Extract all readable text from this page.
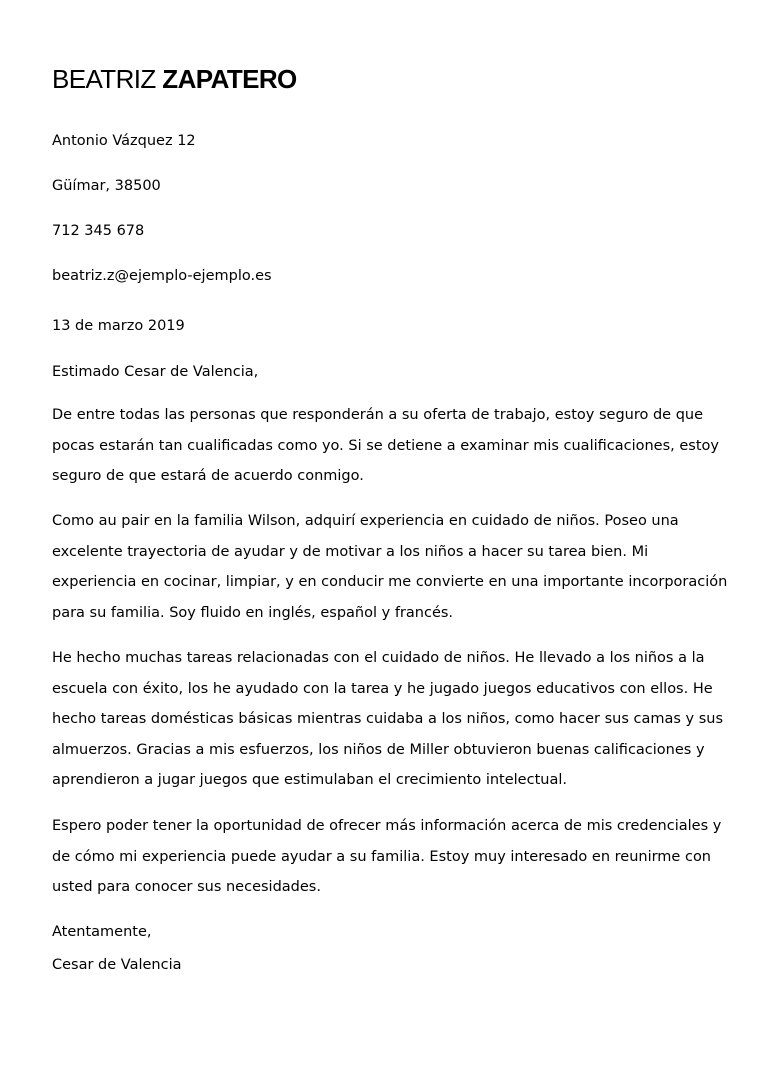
BEATRIZ ZAPATERO
Antonio Vázquez 12
Güímar, 38500
712 345 678
beatriz.z@ejemplo-ejemplo.es
13 de marzo 2019
Estimado Cesar de Valencia,
De entre todas las personas que responderán a su oferta de trabajo, estoy seguro de que pocas estarán tan cualificadas como yo. Si se detiene a examinar mis cualificaciones, estoy seguro de que estará de acuerdo conmigo.
Como au pair en la familia Wilson, adquirí experiencia en cuidado de niños. Poseo una excelente trayectoria de ayudar y de motivar a los niños a hacer su tarea bien. Mi experiencia en cocinar, limpiar, y en conducir me convierte en una importante incorporación para su familia. Soy fluido en inglés, español y francés.
He hecho muchas tareas relacionadas con el cuidado de niños. He llevado a los niños a la escuela con éxito, los he ayudado con la tarea y he jugado juegos educativos con ellos. He hecho tareas domésticas básicas mientras cuidaba a los niños, como hacer sus camas y sus almuerzos. Gracias a mis esfuerzos, los niños de Miller obtuvieron buenas calificaciones y aprendieron a jugar juegos que estimulaban el crecimiento intelectual.
Espero poder tener la oportunidad de ofrecer más información acerca de mis credenciales y de cómo mi experiencia puede ayudar a su familia. Estoy muy interesado en reunirme con usted para conocer sus necesidades.
Atentamente,
Cesar de Valencia
